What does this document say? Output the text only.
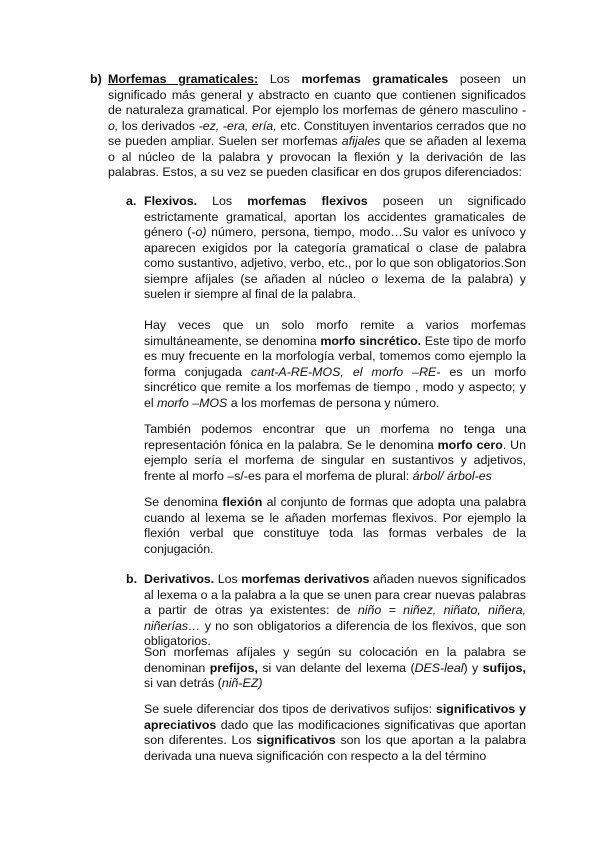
b) Morfemas gramaticales: Los morfemas gramaticales poseen un significado más general y abstracto en cuanto que contienen significados de naturaleza gramatical. Por ejemplo los morfemas de género masculino -o, los derivados -ez, -era, ería, etc. Constituyen inventarios cerrados que no se pueden ampliar. Suelen ser morfemas afijales que se añaden al lexema o al núcleo de la palabra y provocan la flexión y la derivación de las palabras. Estos, a su vez se pueden clasificar en dos grupos diferenciados:

a. Flexivos. Los morfemas flexivos poseen un significado estrictamente gramatical, aportan los accidentes gramaticales de género (-o) número, persona, tiempo, modo…Su valor es unívoco y aparecen exigidos por la categoría gramatical o clase de palabra como sustantivo, adjetivo, verbo, etc., por lo que son obligatorios.Son siempre afíjales (se añaden al núcleo o lexema de la palabra) y suelen ir siempre al final de la palabra.

Hay veces que un solo morfo remite a varios morfemas simultáneamente, se denomina morfo sincrético. Este tipo de morfo es muy frecuente en la morfología verbal, tomemos como ejemplo la forma conjugada cant-A-RE-MOS, el morfo –RE- es un morfo sincrético que remite a los morfemas de tiempo , modo y aspecto; y el morfo –MOS a los morfemas de persona y número.

También podemos encontrar que un morfema no tenga una representación fónica en la palabra. Se le denomina morfo cero. Un ejemplo sería el morfema de singular en sustantivos y adjetivos, frente al morfo –s/-es para el morfema de plural: árbol/ árbol-es

Se denomina flexión al conjunto de formas que adopta una palabra cuando al lexema se le añaden morfemas flexivos. Por ejemplo la flexión verbal que constituye toda las formas verbales de la conjugación.

b. Derivativos. Los morfemas derivativos añaden nuevos significados al lexema o a la palabra a la que se unen para crear nuevas palabras a partir de otras ya existentes: de niño = niñez, niñato, niñera, niñerías… y no son obligatorios a diferencia de los flexivos, que son obligatorios.

Son morfemas afíjales y según su colocación en la palabra se denominan prefijos, si van delante del lexema (DES-leal) y sufijos, si van detrás (niñ-EZ)

Se suele diferenciar dos tipos de derivativos sufijos: significativos y apreciativos dado que las modificaciones significativas que aportan son diferentes. Los significativos son los que aportan a la palabra derivada una nueva significación con respecto a la del término
